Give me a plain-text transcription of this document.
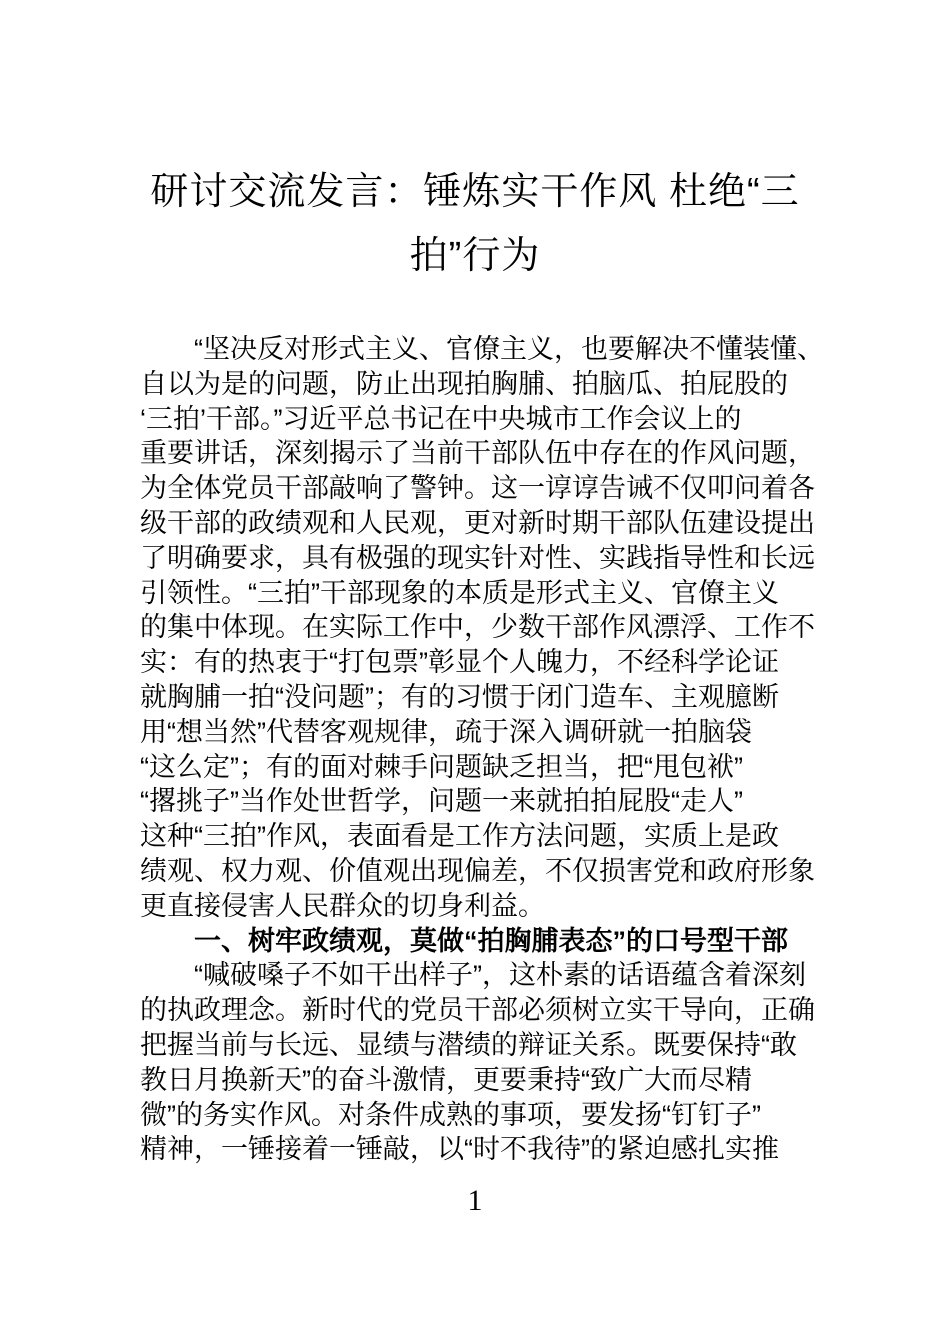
研讨交流发言：锤炼实干作风 杜绝“三
拍”行为
“坚决反对形式主义、官僚主义，也要解决不懂装懂、
自以为是的问题，防止出现拍胸脯、拍脑瓜、拍屁股的
‘三拍’干部。”习近平总书记在中央城市工作会议上的
重要讲话，深刻揭示了当前干部队伍中存在的作风问题，
为全体党员干部敲响了警钟。这一谆谆告诫不仅叩问着各
级干部的政绩观和人民观，更对新时期干部队伍建设提出
了明确要求，具有极强的现实针对性、实践指导性和长远
引领性。“三拍”干部现象的本质是形式主义、官僚主义
的集中体现。在实际工作中，少数干部作风漂浮、工作不
实：有的热衷于“打包票”彰显个人魄力，不经科学论证
就胸脯一拍“没问题”；有的习惯于闭门造车、主观臆断
用“想当然”代替客观规律，疏于深入调研就一拍脑袋
“这么定”；有的面对棘手问题缺乏担当，把“甩包袱”
“撂挑子”当作处世哲学，问题一来就拍拍屁股“走人”
这种“三拍”作风，表面看是工作方法问题，实质上是政
绩观、权力观、价值观出现偏差，不仅损害党和政府形象
更直接侵害人民群众的切身利益。
一、树牢政绩观，莫做“拍胸脯表态”的口号型干部
“喊破嗓子不如干出样子”，这朴素的话语蕴含着深刻
的执政理念。新时代的党员干部必须树立实干导向，正确
把握当前与长远、显绩与潜绩的辩证关系。既要保持“敢
教日月换新天”的奋斗激情，更要秉持“致广大而尽精
微”的务实作风。对条件成熟的事项，要发扬“钉钉子”
精神，一锤接着一锤敲，以“时不我待”的紧迫感扎实推
1
